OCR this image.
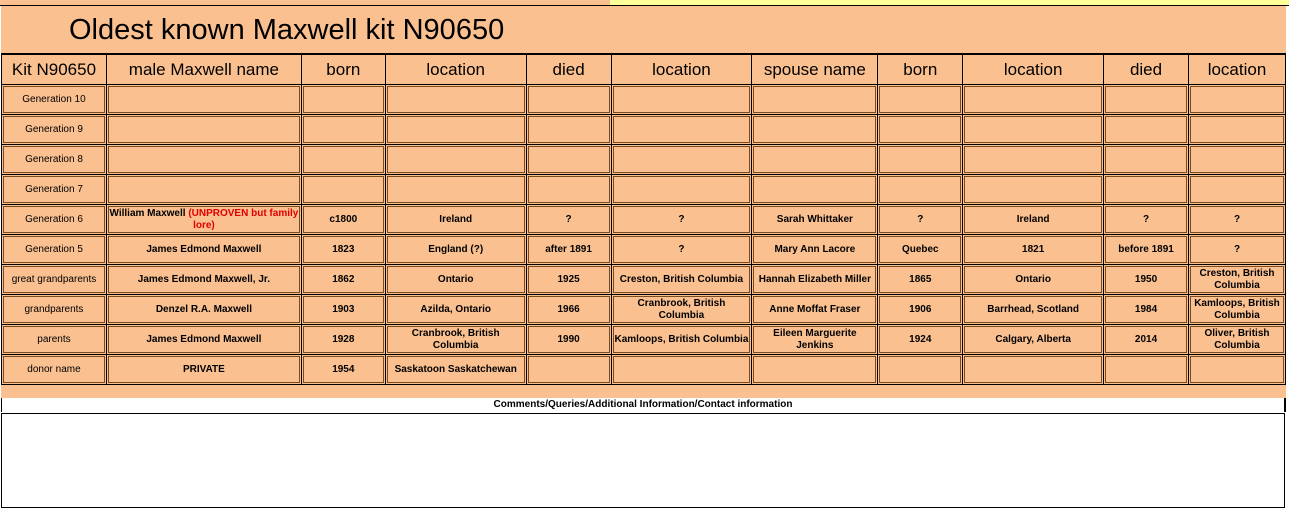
Oldest known Maxwell kit N90650
Kit N90650	male Maxwell name	born	location	died	location	spouse name	born	location	died	location

Generation 10										

Generation 9										

Generation 8										

Generation 7										

Generation 6	William Maxwell (UNPROVEN but family lore)	c1800	Ireland	?	?	Sarah Whittaker	?	Ireland	?	?

Generation 5	James Edmond Maxwell	1823	England (?)	after 1891	?	Mary Ann Lacore	Quebec	1821	before 1891	?

great grandparents	James Edmond Maxwell, Jr.	1862	Ontario	1925	Creston, British Columbia	Hannah Elizabeth Miller	1865	Ontario	1950	Creston, British Columbia

grandparents	Denzel R.A. Maxwell	1903	Azilda, Ontario	1966	Cranbrook, British Columbia	Anne Moffat Fraser	1906	Barrhead, Scotland	1984	Kamloops, British Columbia

parents	James Edmond Maxwell	1928	Cranbrook, British Columbia	1990	Kamloops, British Columbia	Eileen Marguerite Jenkins	1924	Calgary, Alberta	2014	Oliver, British Columbia

donor name	PRIVATE	1954	Saskatoon Saskatchewan							

Comments/Queries/Additional Information/Contact information
